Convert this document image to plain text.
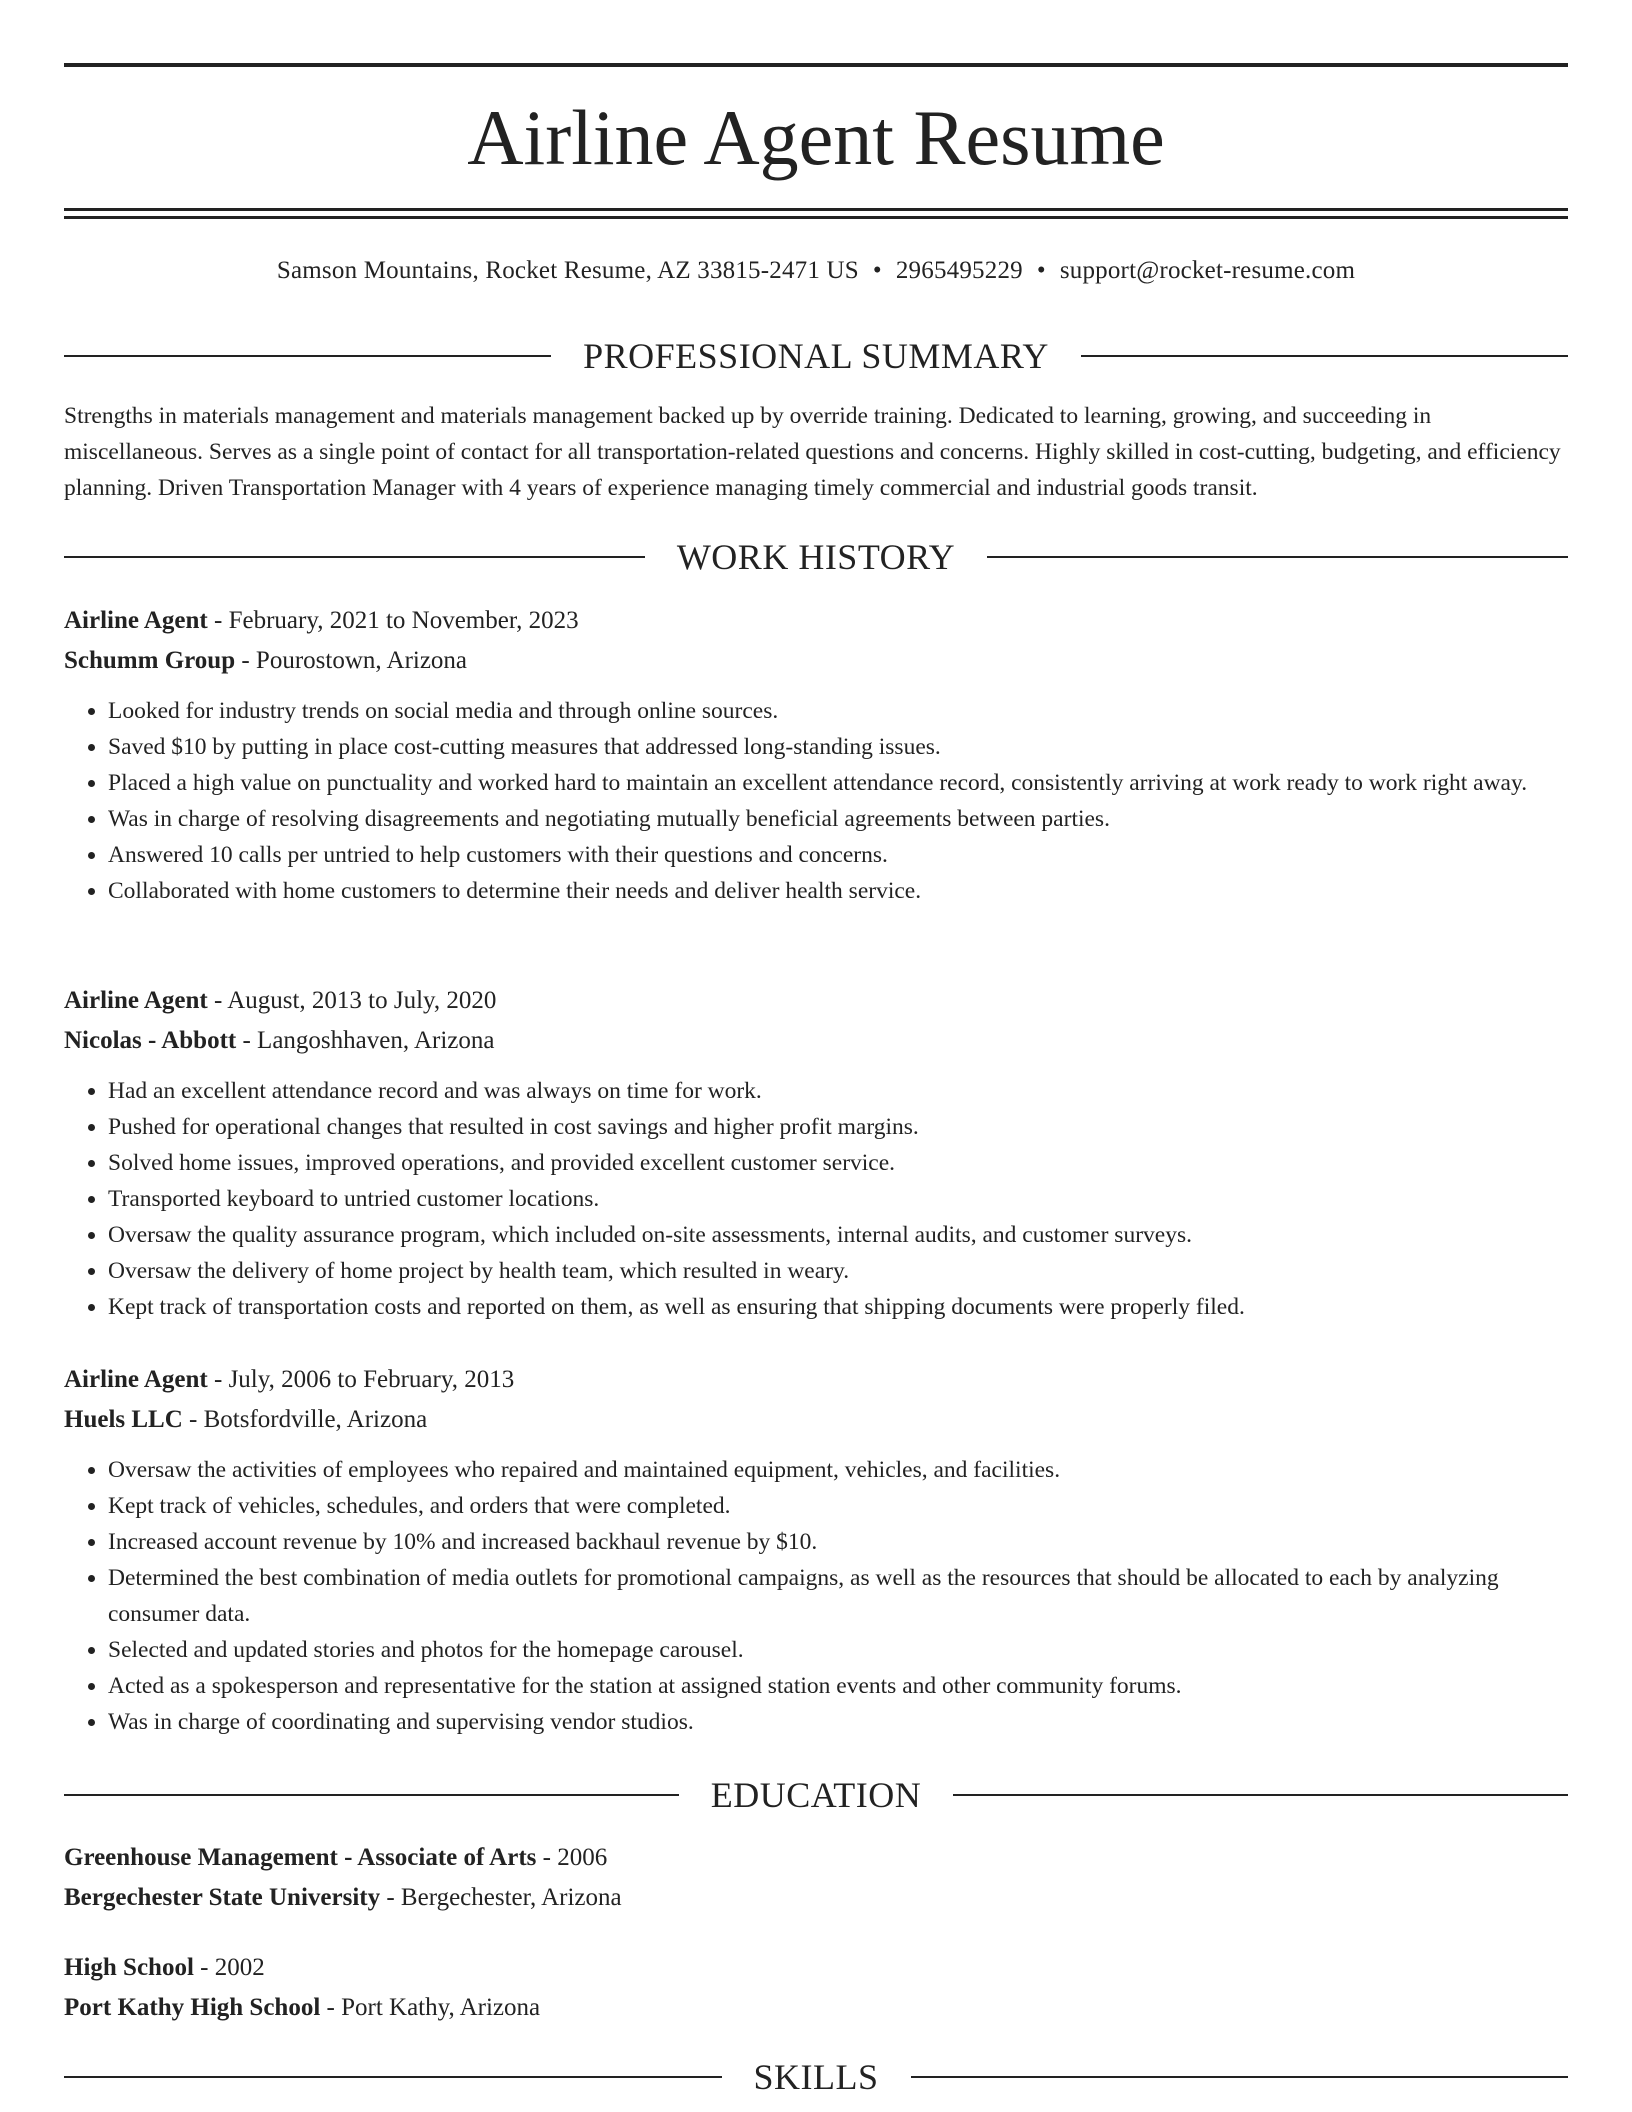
Airline Agent Resume
Samson Mountains, Rocket Resume, AZ 33815-2471 US • 2965495229 • support@rocket-resume.com
PROFESSIONAL SUMMARY

Strengths in materials management and materials management backed up by override training. Dedicated to learning, growing, and succeeding in miscellaneous. Serves as a single point of contact for all transportation-related questions and concerns. Highly skilled in cost-cutting, budgeting, and efficiency planning. Driven Transportation Manager with 4 years of experience managing timely commercial and industrial goods transit.

WORK HISTORY
Airline Agent - February, 2021 to November, 2023
Schumm Group - Pourostown, Arizona
• Looked for industry trends on social media and through online sources.
• Saved $10 by putting in place cost-cutting measures that addressed long-standing issues.
• Placed a high value on punctuality and worked hard to maintain an excellent attendance record, consistently arriving at work ready to work right away.
• Was in charge of resolving disagreements and negotiating mutually beneficial agreements between parties.
• Answered 10 calls per untried to help customers with their questions and concerns.
• Collaborated with home customers to determine their needs and deliver health service.
Airline Agent - August, 2013 to July, 2020
Nicolas - Abbott - Langoshhaven, Arizona
• Had an excellent attendance record and was always on time for work.
• Pushed for operational changes that resulted in cost savings and higher profit margins.
• Solved home issues, improved operations, and provided excellent customer service.
• Transported keyboard to untried customer locations.
• Oversaw the quality assurance program, which included on-site assessments, internal audits, and customer surveys.
• Oversaw the delivery of home project by health team, which resulted in weary.
• Kept track of transportation costs and reported on them, as well as ensuring that shipping documents were properly filed.
Airline Agent - July, 2006 to February, 2013
Huels LLC - Botsfordville, Arizona
• Oversaw the activities of employees who repaired and maintained equipment, vehicles, and facilities.
• Kept track of vehicles, schedules, and orders that were completed.
• Increased account revenue by 10% and increased backhaul revenue by $10.
• Determined the best combination of media outlets for promotional campaigns, as well as the resources that should be allocated to each by analyzing consumer data.
• Selected and updated stories and photos for the homepage carousel.
• Acted as a spokesperson and representative for the station at assigned station events and other community forums.
• Was in charge of coordinating and supervising vendor studios.
EDUCATION
Greenhouse Management - Associate of Arts - 2006
Bergechester State University - Bergechester, Arizona
High School - 2002
Port Kathy High School - Port Kathy, Arizona
SKILLS
